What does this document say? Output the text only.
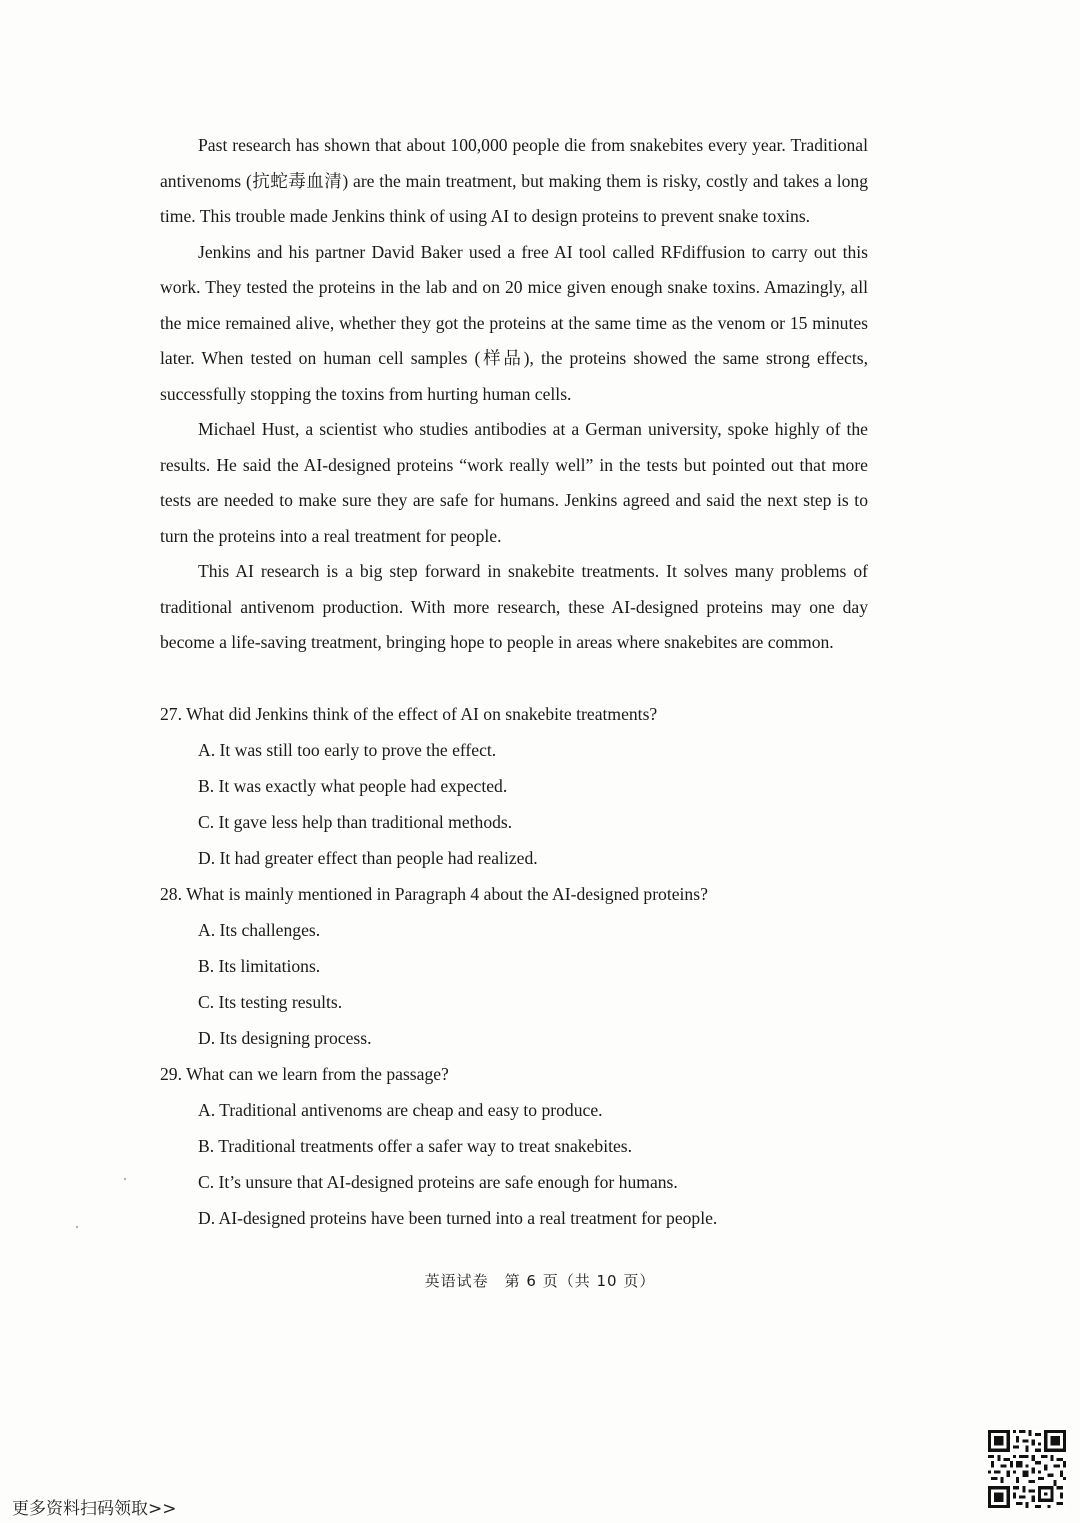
Past research has shown that about 100,000 people die from snakebites every year. Traditional antivenoms (抗蛇毒血清) are the main treatment, but making them is risky, costly and takes a long time. This trouble made Jenkins think of using AI to design proteins to prevent snake toxins.

Jenkins and his partner David Baker used a free AI tool called RFdiffusion to carry out this work. They tested the proteins in the lab and on 20 mice given enough snake toxins. Amazingly, all the mice remained alive, whether they got the proteins at the same time as the venom or 15 minutes later. When tested on human cell samples (样品), the proteins showed the same strong effects, successfully stopping the toxins from hurting human cells.

Michael Hust, a scientist who studies antibodies at a German university, spoke highly of the results. He said the AI-designed proteins “work really well” in the tests but pointed out that more tests are needed to make sure they are safe for humans. Jenkins agreed and said the next step is to turn the proteins into a real treatment for people.

This AI research is a big step forward in snakebite treatments. It solves many problems of traditional antivenom production. With more research, these AI-designed proteins may one day become a life-saving treatment, bringing hope to people in areas where snakebites are common.

27. What did Jenkins think of the effect of AI on snakebite treatments?

A. It was still too early to prove the effect.

B. It was exactly what people had expected.

C. It gave less help than traditional methods.

D. It had greater effect than people had realized.

28. What is mainly mentioned in Paragraph 4 about the AI-designed proteins?

A. Its challenges.

B. Its limitations.

C. Its testing results.

D. Its designing process.

29. What can we learn from the passage?

A. Traditional antivenoms are cheap and easy to produce.

B. Traditional treatments offer a safer way to treat snakebites.

C. It’s unsure that AI-designed proteins are safe enough for humans.

D. AI-designed proteins have been turned into a real treatment for people.

英语试卷　第 6 页（共 10 页）
更多资料扫码领取>>
